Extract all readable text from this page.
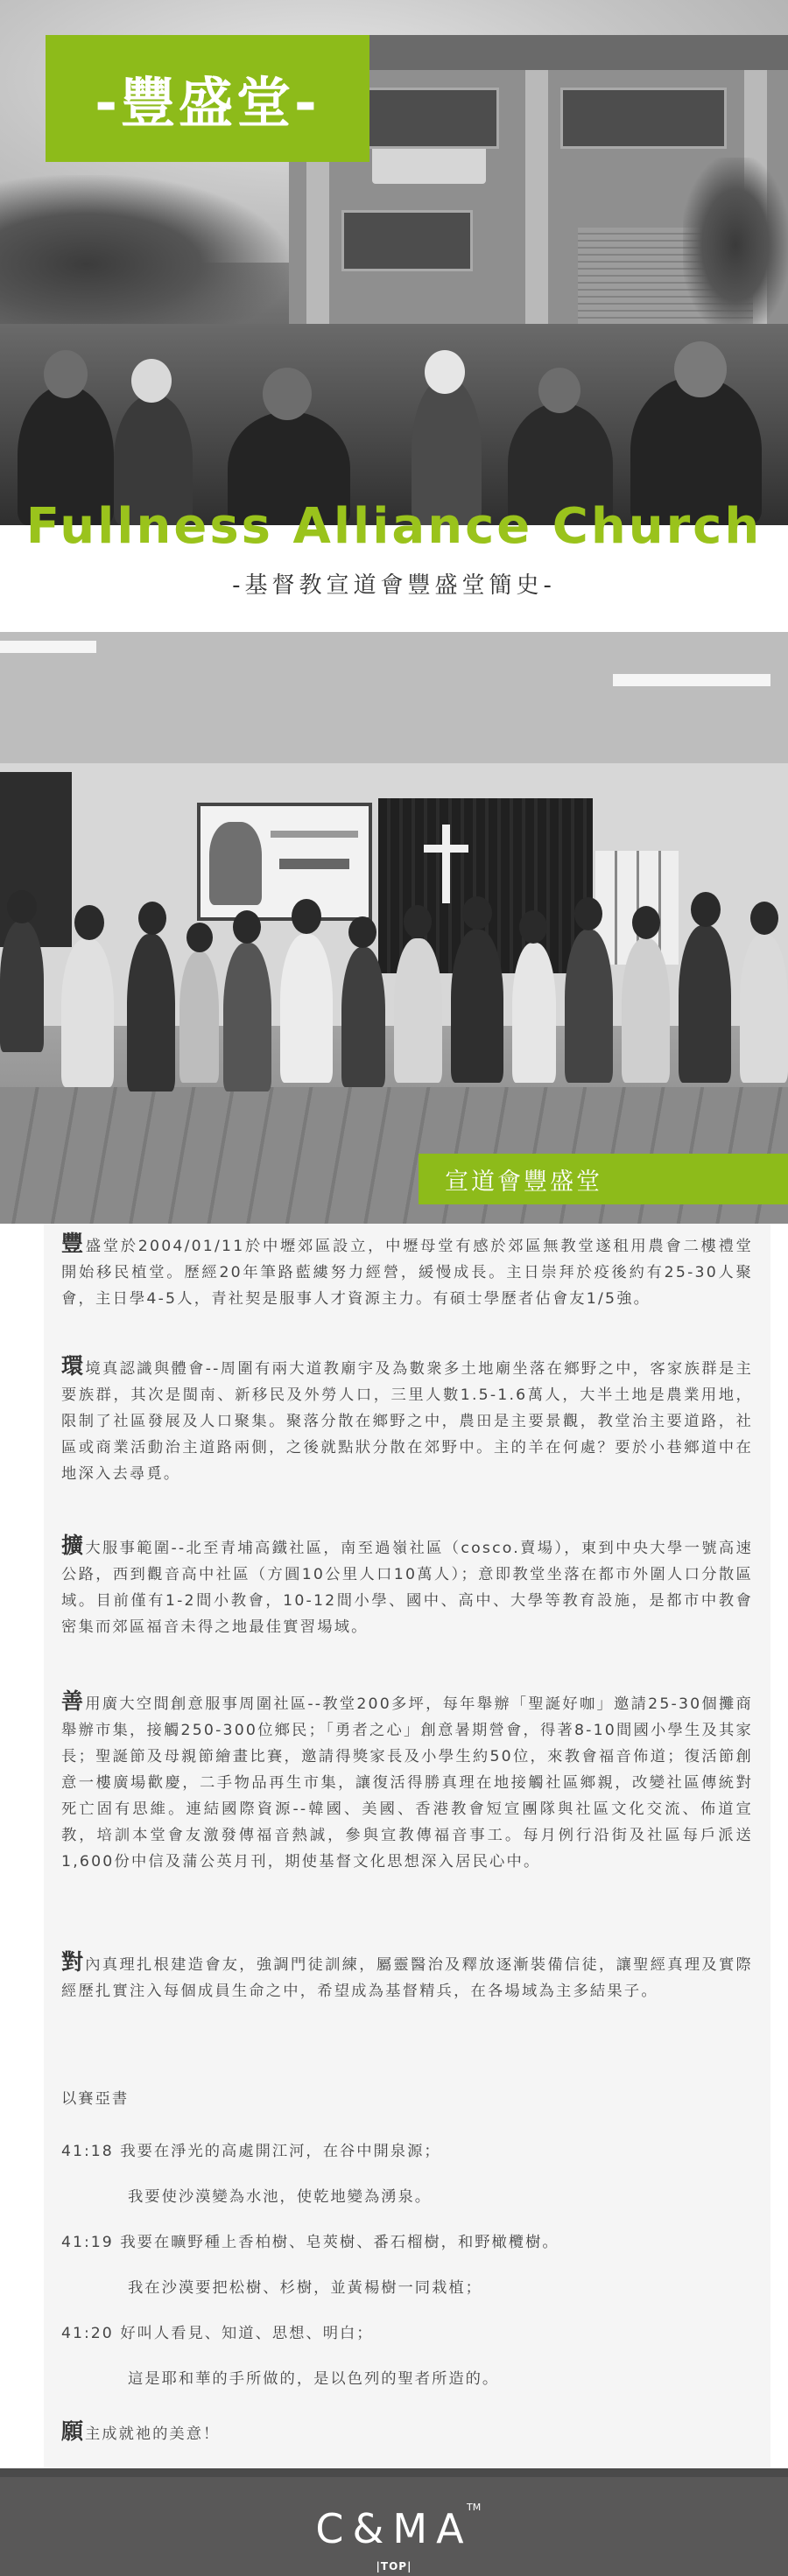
-豐盛堂-
Fullness Alliance Church
-基督教宣道會豐盛堂簡史-
宣道會豐盛堂

豐盛堂於2004/01/11於中壢郊區設立，中壢母堂有感於郊區無教堂遂租用農會二樓禮堂開始移民植堂。歷經20年筆路藍縷努力經營，緩慢成長。主日崇拜於疫後約有25-30人聚會，主日學4-5人，青社契是服事人才資源主力。有碩士學歷者佔會友1/5強。

環境真認識與體會--周圍有兩大道教廟宇及為數衆多土地廟坐落在鄉野之中，客家族群是主要族群，其次是閩南、新移民及外勞人口，三里人數1.5-1.6萬人，大半土地是農業用地，限制了社區發展及人口聚集。聚落分散在鄉野之中，農田是主要景觀，教堂治主要道路，社區或商業活動治主道路兩側，之後就點狀分散在郊野中。主的羊在何處？要於小巷鄉道中在地深入去尋覓。

擴大服事範圍--北至青埔高鐵社區，南至過嶺社區（cosco.賣場），東到中央大學一號高速公路，西到觀音高中社區（方圓10公里人口10萬人）；意即教堂坐落在都市外圍人口分散區域。目前僅有1-2間小教會，10-12間小學、國中、高中、大學等教育設施，是都市中教會密集而郊區福音未得之地最佳實習場域。

善用廣大空間創意服事周圍社區--教堂200多坪，每年舉辦「聖誕好咖」邀請25-30個攤商舉辦市集，接觸250-300位鄉民；「勇者之心」創意暑期營會，得著8-10間國小學生及其家長；聖誕節及母親節繪畫比賽，邀請得獎家長及小學生約50位，來教會福音佈道；復活節創意一樓廣場歡慶，二手物品再生市集，讓復活得勝真理在地接觸社區鄉親，改變社區傳統對死亡固有思維。連結國際資源--韓國、美國、香港教會短宣團隊與社區文化交流、佈道宣教，培訓本堂會友激發傳福音熱誠，參與宣教傳福音事工。每月例行沿街及社區每戶派送1,600份中信及蒲公英月刊，期使基督文化思想深入居民心中。

對內真理扎根建造會友，強調門徒訓練，屬靈醫治及釋放逐漸裝備信徒，讓聖經真理及實際經歷扎實注入每個成員生命之中，希望成為基督精兵，在各場域為主多結果子。

以賽亞書
41:18 我要在淨光的高處開江河，在谷中開泉源；
我要使沙漠變為水池，使乾地變為湧泉。
41:19 我要在曠野種上香柏樹、皂莢樹、番石榴樹，和野橄欖樹。
我在沙漠要把松樹、杉樹，並黃楊樹一同栽植；
41:20 好叫人看見、知道、思想、明白；
這是耶和華的手所做的，是以色列的聖者所造的。

願主成就祂的美意！

C&MA
TM
|TOP|
